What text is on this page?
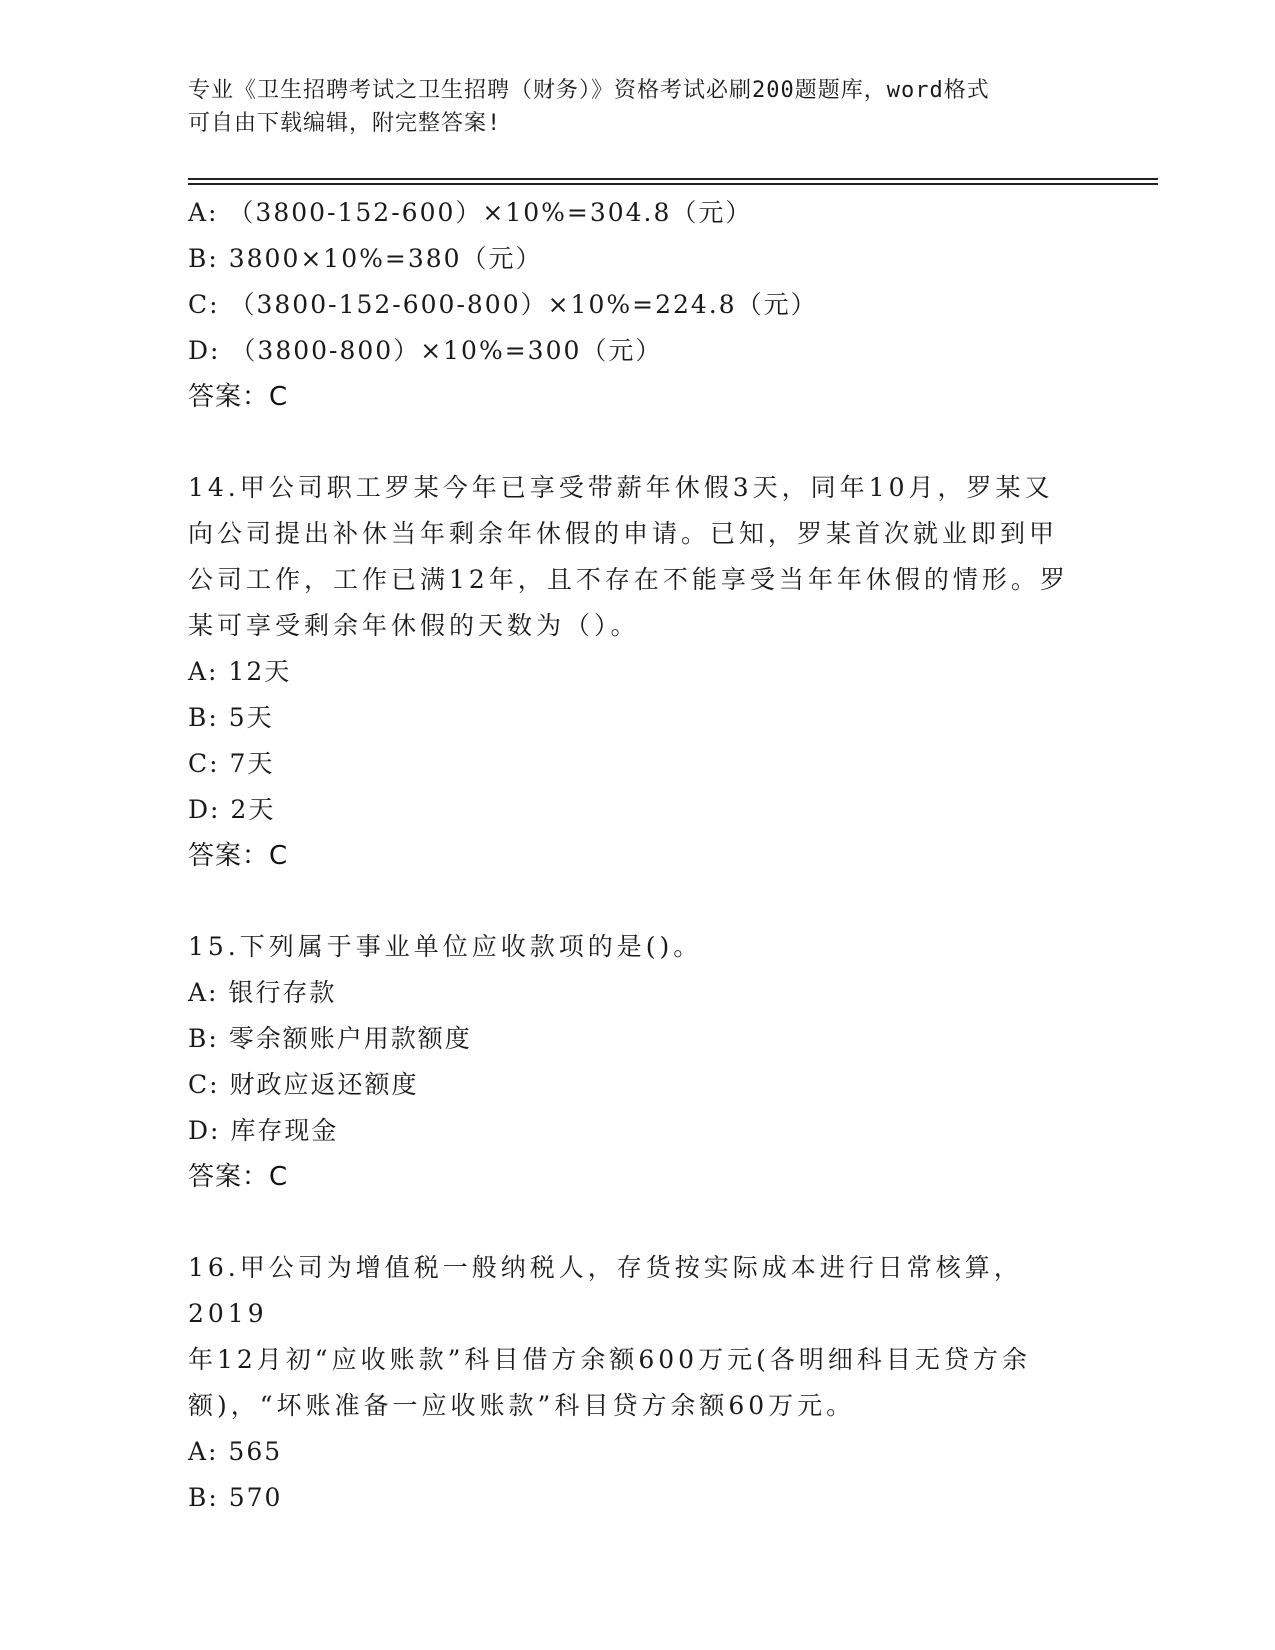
专业《卫生招聘考试之卫生招聘（财务）》资格考试必刷200题题库，word格式
可自由下载编辑，附完整答案!
A: （3800-152-600）×10%=304.8（元）
B: 3800×10%=380（元）
C: （3800-152-600-800）×10%=224.8（元）
D: （3800-800）×10%=300（元）
答案：C
14.甲公司职工罗某今年已享受带薪年休假3天，同年10月，罗某又
向公司提出补休当年剩余年休假的申请。已知，罗某首次就业即到甲
公司工作，工作已满12年，且不存在不能享受当年年休假的情形。罗
某可享受剩余年休假的天数为（）。
A: 12天
B: 5天
C: 7天
D: 2天
答案：C
15.下列属于事业单位应收款项的是()。
A: 银行存款
B: 零余额账户用款额度
C: 财政应返还额度
D: 库存现金
答案：C
16.甲公司为增值税一般纳税人，存货按实际成本进行日常核算，2019
年12月初“应收账款”科目借方余额600万元(各明细科目无贷方余
额)，“坏账准备一应收账款”科目贷方余额60万元。
A: 565
B: 570
